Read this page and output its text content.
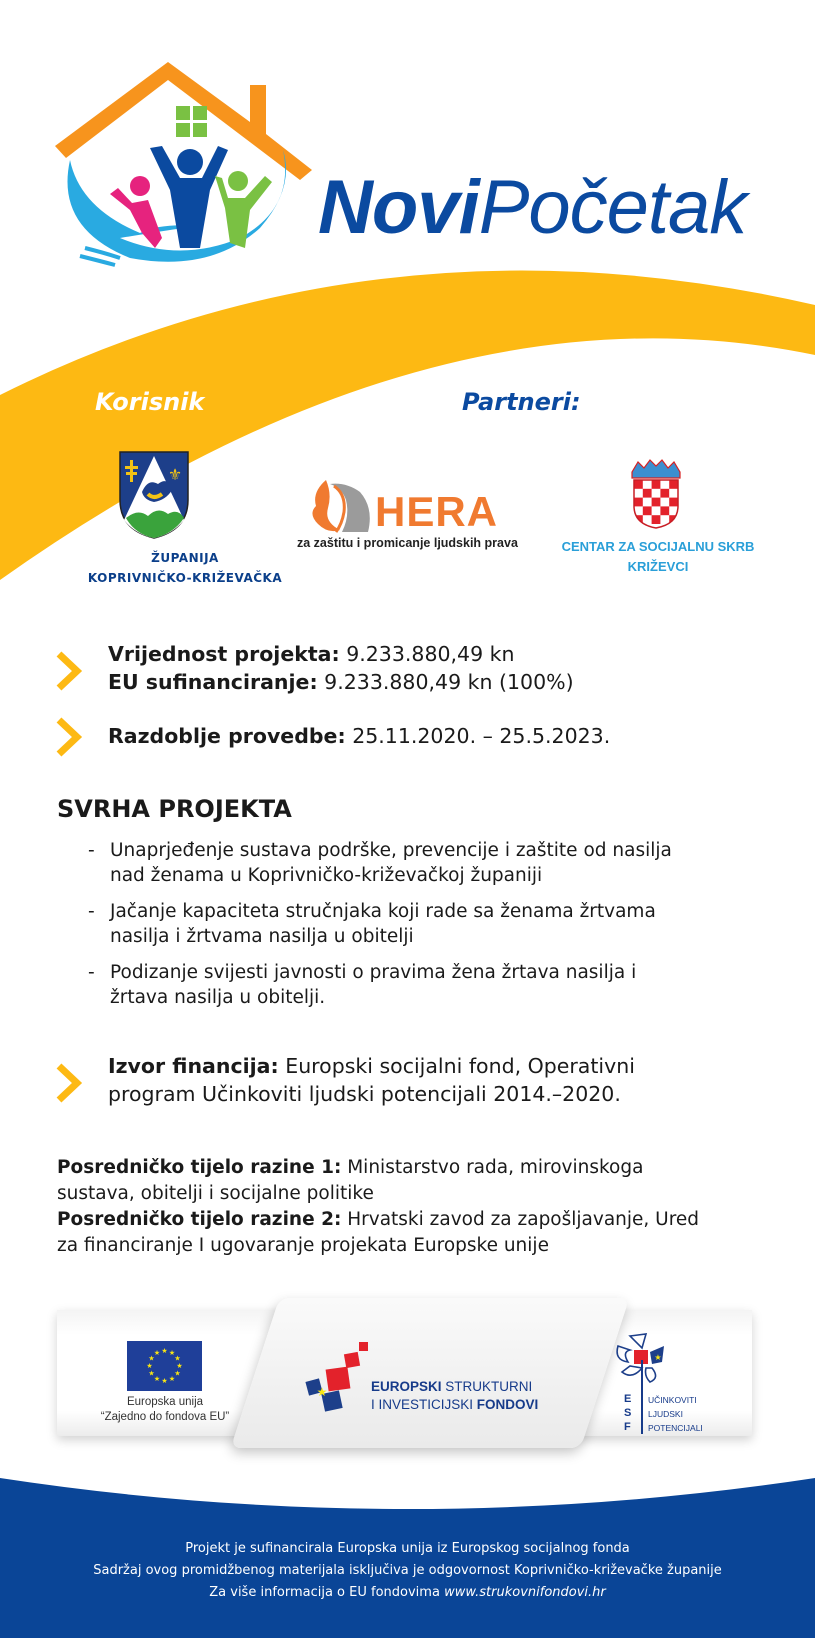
NoviPočetak
Korisnik	Partneri:
⚜
ŽUPANIJA
KOPRIVNIČKO-KRIŽEVAČKA
HERA
za zaštitu i promicanje ljudskih prava	CENTAR ZA SOCIJALNU SKRB
KRIŽEVCI
Vrijednost projekta: 9.233.880,49 kn
EU sufinanciranje: 9.233.880,49 kn (100%)
Razdoblje provedbe: 25.11.2020. – 25.5.2023.
SVRHA PROJEKTA
- Unaprjeđenje sustava podrške, prevencije i zaštite od nasilja
nad ženama u Koprivničko-križevačkoj županiji
- Jačanje kapaciteta stručnjaka koji rade sa ženama žrtvama
nasilja i žrtvama nasilja u obitelji
- Podizanje svijesti javnosti o pravima žena žrtava nasilja i
žrtava nasilja u obitelji.
Izvor financija: Europski socijalni fond, Operativni
program Učinkoviti ljudski potencijali 2014.–2020.
Posredničko tijelo razine 1: Ministarstvo rada, mirovinskoga
sustava, obitelji i socijalne politike
Posredničko tijelo razine 2: Hrvatski zavod za zapošljavanje, Ured
za financiranje I ugovaranje projekata Europske unije
★ ★
★
★
★
★
★
★
★
★
★
★
Europska unija
“Zajedno do fondova EU”
★	EUROPSKI STRUKTURNI
I INVESTICIJSKI FONDOVI
★
E
S
F
UČINKOVITI
LJUDSKI
POTENCIJALI
Projekt je sufinancirala Europska unija iz Europskog socijalnog fonda
Sadržaj ovog promidžbenog materijala isključiva je odgovornost Koprivničko-križevačke županije
Za više informacija o EU fondovima www.strukovnifondovi.hr
